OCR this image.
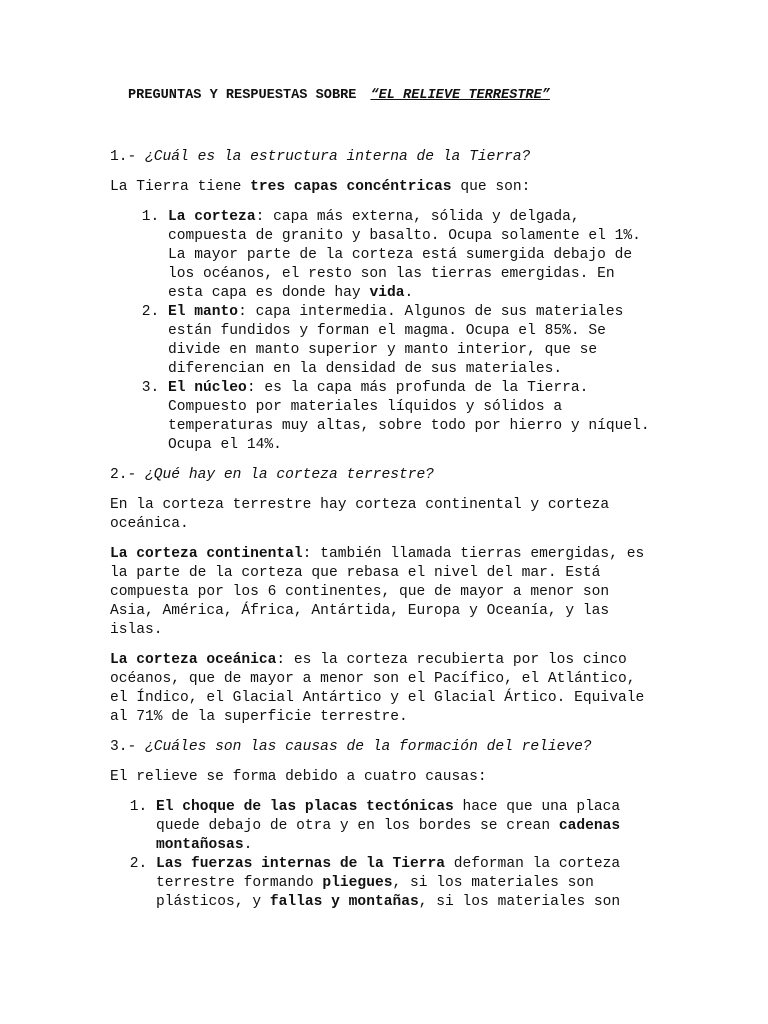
PREGUNTAS Y RESPUESTAS SOBRE “EL RELIEVE TERRESTRE”
1.- ¿Cuál es la estructura interna de la Tierra?

La Tierra tiene tres capas concéntricas que son:

1. La corteza: capa más externa, sólida y delgada, compuesta de granito y basalto. Ocupa solamente el 1%. La mayor parte de la corteza está sumergida debajo de los océanos, el resto son las tierras emergidas. En esta capa es donde hay vida.
2. El manto: capa intermedia. Algunos de sus materiales están fundidos y forman el magma. Ocupa el 85%. Se divide en manto superior y manto interior, que se diferencian en la densidad de sus materiales.
3. El núcleo: es la capa más profunda de la Tierra. Compuesto por materiales líquidos y sólidos a temperaturas muy altas, sobre todo por hierro y níquel. Ocupa el 14%.
2.- ¿Qué hay en la corteza terrestre?

En la corteza terrestre hay corteza continental y corteza oceánica.

La corteza continental: también llamada tierras emergidas, es la parte de la corteza que rebasa el nivel del mar. Está compuesta por los 6 continentes, que de mayor a menor son Asia, América, África, Antártida, Europa y Oceanía, y las islas.

La corteza oceánica: es la corteza recubierta por los cinco océanos, que de mayor a menor son el Pacífico, el Atlántico, el Índico, el Glacial Antártico y el Glacial Ártico. Equivale al 71% de la superficie terrestre.

3.- ¿Cuáles son las causas de la formación del relieve?

El relieve se forma debido a cuatro causas:

1. El choque de las placas tectónicas hace que una placa quede debajo de otra y en los bordes se crean cadenas montañosas.
2. Las fuerzas internas de la Tierra deforman la corteza terrestre formando pliegues, si los materiales son plásticos, y fallas y montañas, si los materiales son
